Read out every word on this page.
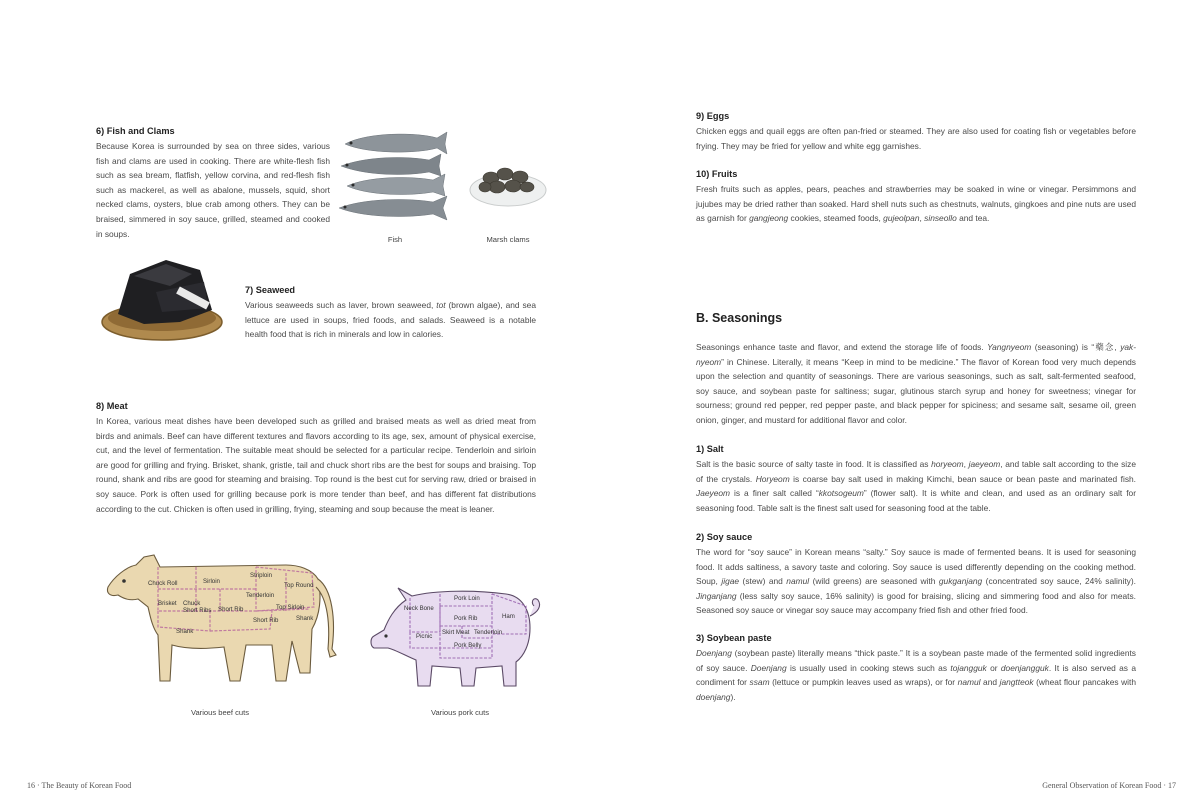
6) Fish and Clams

Because Korea is surrounded by sea on three sides, various fish and clams are used in cooking. There are white-flesh fish such as sea bream, flatfish, yellow corvina, and red-flesh fish such as mackerel, as well as abalone, mussels, squid, short necked clams, oysters, blue crab among others. They can be braised, simmered in soy sauce, grilled, steamed and cooked in soups.

Fish	Marsh clams
7) Seaweed

Various seaweeds such as laver, brown seaweed, tot (brown algae), and sea lettuce are used in soups, fried foods, and salads. Seaweed is a notable health food that is rich in minerals and low in calories.

8) Meat

In Korea, various meat dishes have been developed such as grilled and braised meats as well as dried meat from birds and animals. Beef can have different textures and flavors according to its age, sex, amount of physical exercise, cut, and the level of fermentation. The suitable meat should be selected for a particular recipe. Tenderloin and sirloin are good for grilling and frying. Brisket, shank, gristle, tail and chuck short ribs are the best for soups and braising. Top round, shank and ribs are good for steaming and braising. Top round is the best cut for serving raw, dried or braised in soy sauce. Pork is often used for grilling because pork is more tender than beef, and has different fat distributions according to the cut. Chicken is often used in grilling, frying, steaming and soup because the meat is leaner.

Chuck Roll	Sirloin
Striploin
Top Round
Tenderloin
Brisket Chuck
Short Ribs Short Rib	Top Sirloin
Shank
Short Rib
Shank
Various beef cuts
Pork Loin
Neck Bone
Ham
Pork Rib
Picnic
Skirt Meat Tenderloin
Pork Belly
Various pork cuts
16 · The Beauty of Korean Food
9) Eggs

Chicken eggs and quail eggs are often pan-fried or steamed. They are also used for coating fish or vegetables before frying. They may be fried for yellow and white egg garnishes.

10) Fruits

Fresh fruits such as apples, pears, peaches and strawberries may be soaked in wine or vinegar. Persimmons and jujubes may be dried rather than soaked. Hard shell nuts such as chestnuts, walnuts, gingkoes and pine nuts are used as garnish for gangjeong cookies, steamed foods, gujeolpan, sinseollo and tea.

B. Seasonings

Seasonings enhance taste and flavor, and extend the storage life of foods. Yangnyeom (seasoning) is “藥念, yak-nyeom” in Chinese. Literally, it means “Keep in mind to be medicine.” The flavor of Korean food very much depends upon the selection and quantity of seasonings. There are various seasonings, such as salt, salt-fermented seafood, soy sauce, and soybean paste for saltiness; sugar, glutinous starch syrup and honey for sweetness; vinegar for sourness; ground red pepper, red pepper paste, and black pepper for spiciness; and sesame salt, sesame oil, green onion, ginger, and mustard for additional flavor and color.

1) Salt

Salt is the basic source of salty taste in food. It is classified as horyeom, jaeyeom, and table salt according to the size of the crystals. Horyeom is coarse bay salt used in making Kimchi, bean sauce or bean paste and marinated fish. Jaeyeom is a finer salt called “kkotsogeum” (flower salt). It is white and clean, and used as an ordinary salt for seasoning food. Table salt is the finest salt used for seasoning food at the table.

2) Soy sauce

The word for “soy sauce” in Korean means “salty.” Soy sauce is made of fermented beans. It is used for seasoning food. It adds saltiness, a savory taste and coloring. Soy sauce is used differently depending on the cooking method. Soup, jigae (stew) and namul (wild greens) are seasoned with gukganjang (concentrated soy sauce, 24% salinity). Jinganjang (less salty soy sauce, 16% salinity) is good for braising, slicing and simmering food and also for meats. Seasoned soy sauce or vinegar soy sauce may accompany fried fish and other fried food.

3) Soybean paste

Doenjang (soybean paste) literally means “thick paste.” It is a soybean paste made of the fermented solid ingredients of soy sauce. Doenjang is usually used in cooking stews such as tojangguk or doenjangguk. It is also served as a condiment for ssam (lettuce or pumpkin leaves used as wraps), or for namul and jangtteok (wheat flour pancakes with doenjang).

General Observation of Korean Food · 17
